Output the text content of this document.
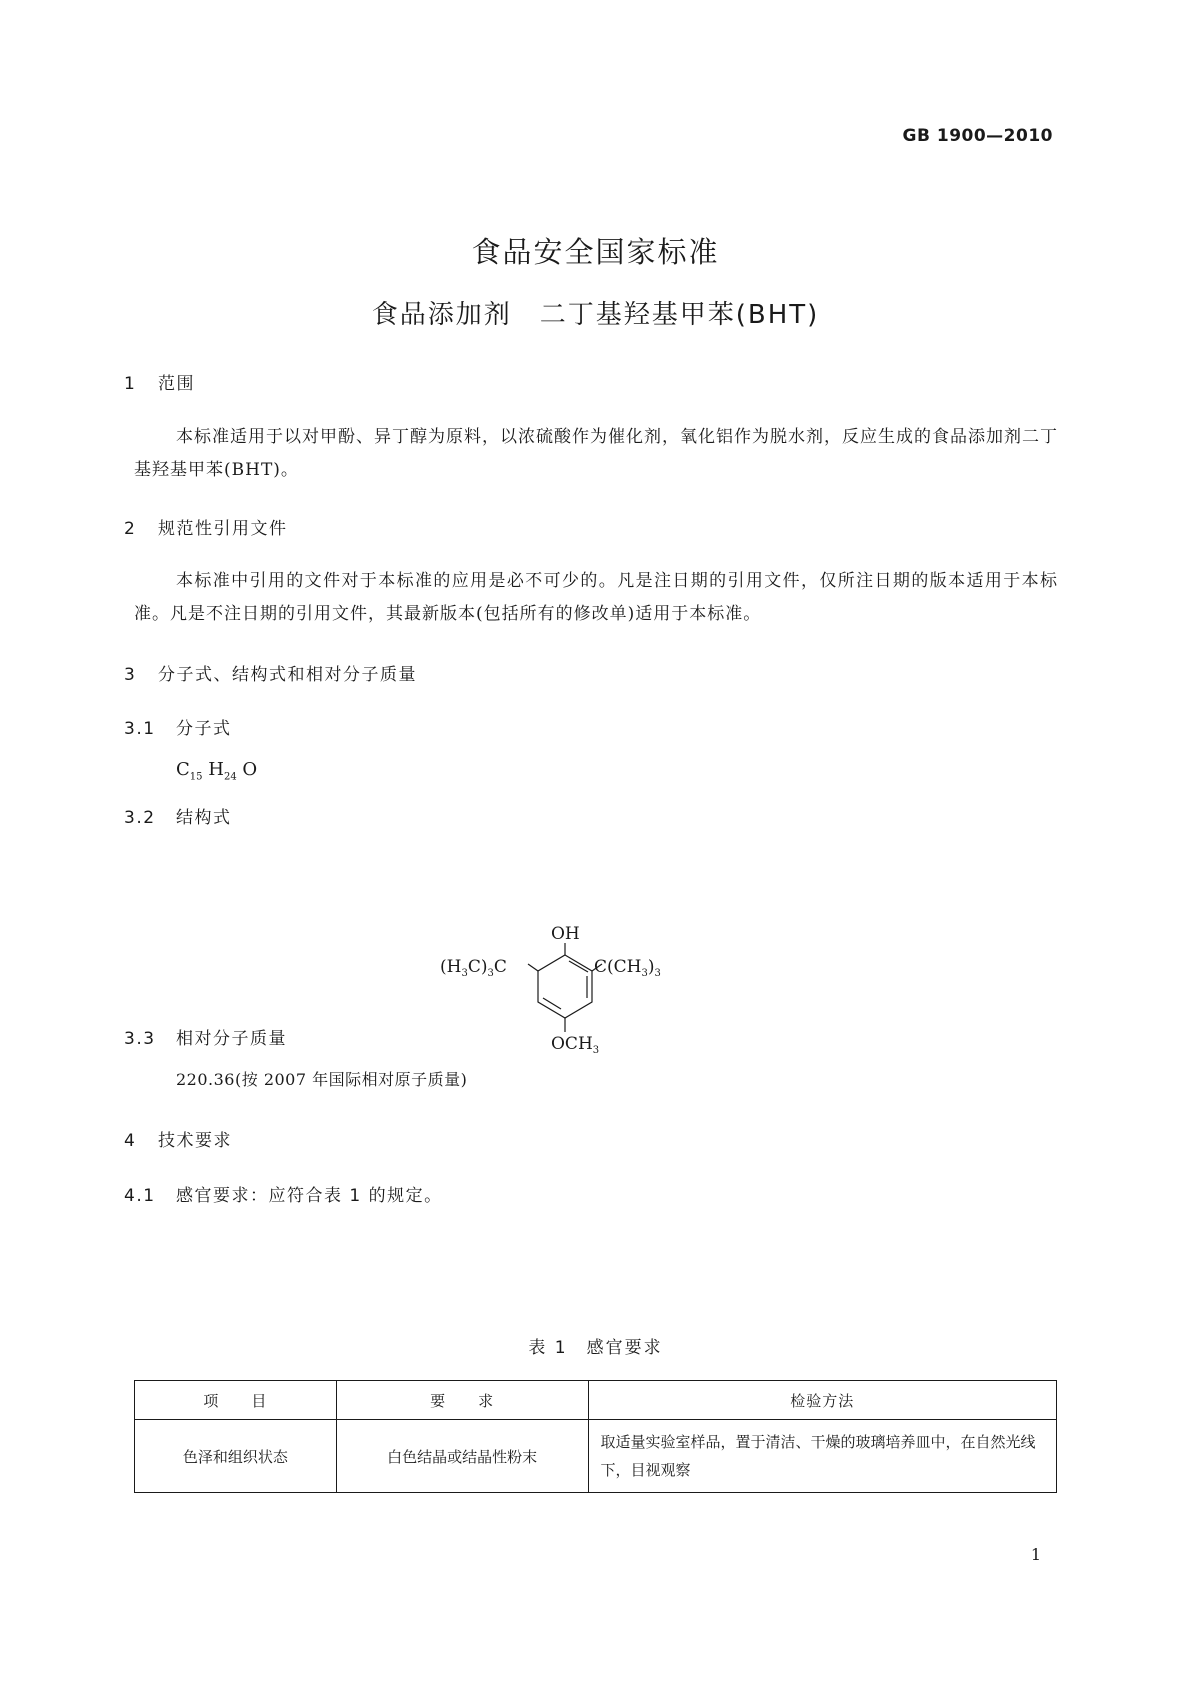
GB 1900—2010
食品安全国家标准
食品添加剂　二丁基羟基甲苯(BHT)
1 范围

本标准适用于以对甲酚、异丁醇为原料，以浓硫酸作为催化剂，氧化铝作为脱水剂，反应生成的食品添加剂二丁基羟基甲苯(BHT)。

2 规范性引用文件

本标准中引用的文件对于本标准的应用是必不可少的。凡是注日期的引用文件，仅所注日期的版本适用于本标准。凡是不注日期的引用文件，其最新版本(包括所有的修改单)适用于本标准。

3 分子式、结构式和相对分子质量
3.1 分子式
$C_{15}$ $H_{24}$ O
3.2 结构式
OH
$(H_3C)_3C$	$C(CH_3)_3$
$OCH_3$
3.3 相对分子质量
220.36(按 2007 年国际相对原子质量)
4 技术要求
4.1 感官要求：应符合表 1 的规定。
表 1　感官要求
项　　目	要　　求	检验方法
色泽和组织状态	白色结晶或结晶性粉末	取适量实验室样品，置于清洁、干燥的玻璃培养皿中，在自然光线下，目视观察
1
